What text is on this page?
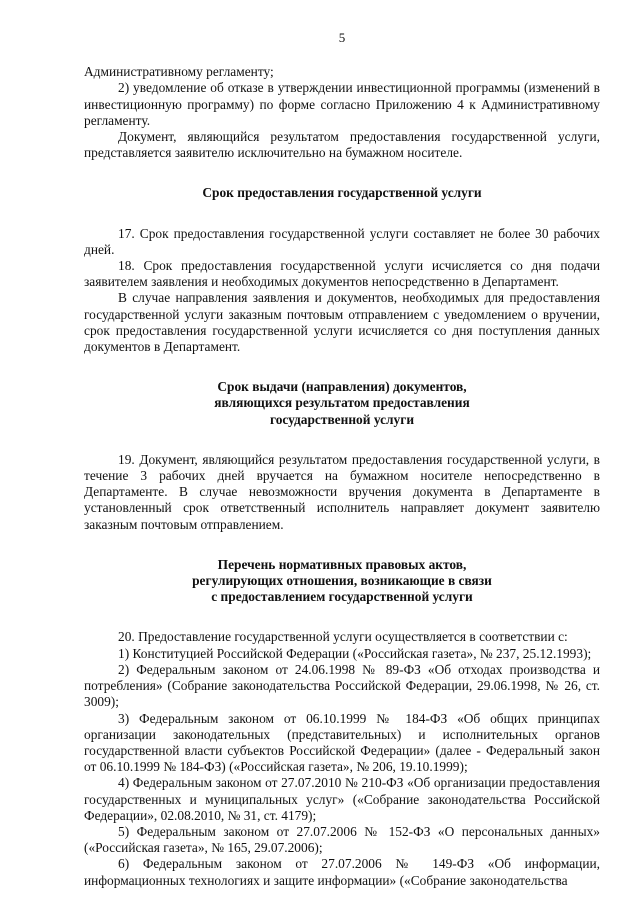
5

Административному регламенту;

2) уведомление об отказе в утверждении инвестиционной программы (изменений в инвестиционную программу) по форме согласно Приложению 4 к Административному регламенту.

Документ, являющийся результатом предоставления государственной услуги, представляется заявителю исключительно на бумажном носителе.

Срок предоставления государственной услуги

17. Срок предоставления государственной услуги составляет не более 30 рабочих дней.

18. Срок предоставления государственной услуги исчисляется со дня подачи заявителем заявления и необходимых документов непосредственно в Департамент.

В случае направления заявления и документов, необходимых для предоставления государственной услуги заказным почтовым отправлением с уведомлением о вручении, срок предоставления государственной услуги исчисляется со дня поступления данных документов в Департамент.

Срок выдачи (направления) документов,
являющихся результатом предоставления
государственной услуги

19. Документ, являющийся результатом предоставления государственной услуги, в течение 3 рабочих дней вручается на бумажном носителе непосредственно в Департаменте. В случае невозможности вручения документа в Департаменте в установленный срок ответственный исполнитель направляет документ заявителю заказным почтовым отправлением.

Перечень нормативных правовых актов,
регулирующих отношения, возникающие в связи
с предоставлением государственной услуги

20. Предоставление государственной услуги осуществляется в соответствии с:

1) Конституцией Российской Федерации («Российская газета», № 237, 25.12.1993);

2) Федеральным законом от 24.06.1998 № 89-ФЗ «Об отходах производства и потребления» (Собрание законодательства Российской Федерации, 29.06.1998, № 26, ст. 3009);

3) Федеральным законом от 06.10.1999 № 184-ФЗ «Об общих принципах организации законодательных (представительных) и исполнительных органов государственной власти субъектов Российской Федерации» (далее - Федеральный закон от 06.10.1999 № 184-ФЗ) («Российская газета», № 206, 19.10.1999);

4) Федеральным законом от 27.07.2010 № 210-ФЗ «Об организации предоставления государственных и муниципальных услуг» («Собрание законодательства Российской Федерации», 02.08.2010, № 31, ст. 4179);

5) Федеральным законом от 27.07.2006 № 152-ФЗ «О персональных данных» («Российская газета», № 165, 29.07.2006);

6) Федеральным законом от 27.07.2006 № 149-ФЗ «Об информации, информационных технологиях и защите информации» («Собрание законодательства
